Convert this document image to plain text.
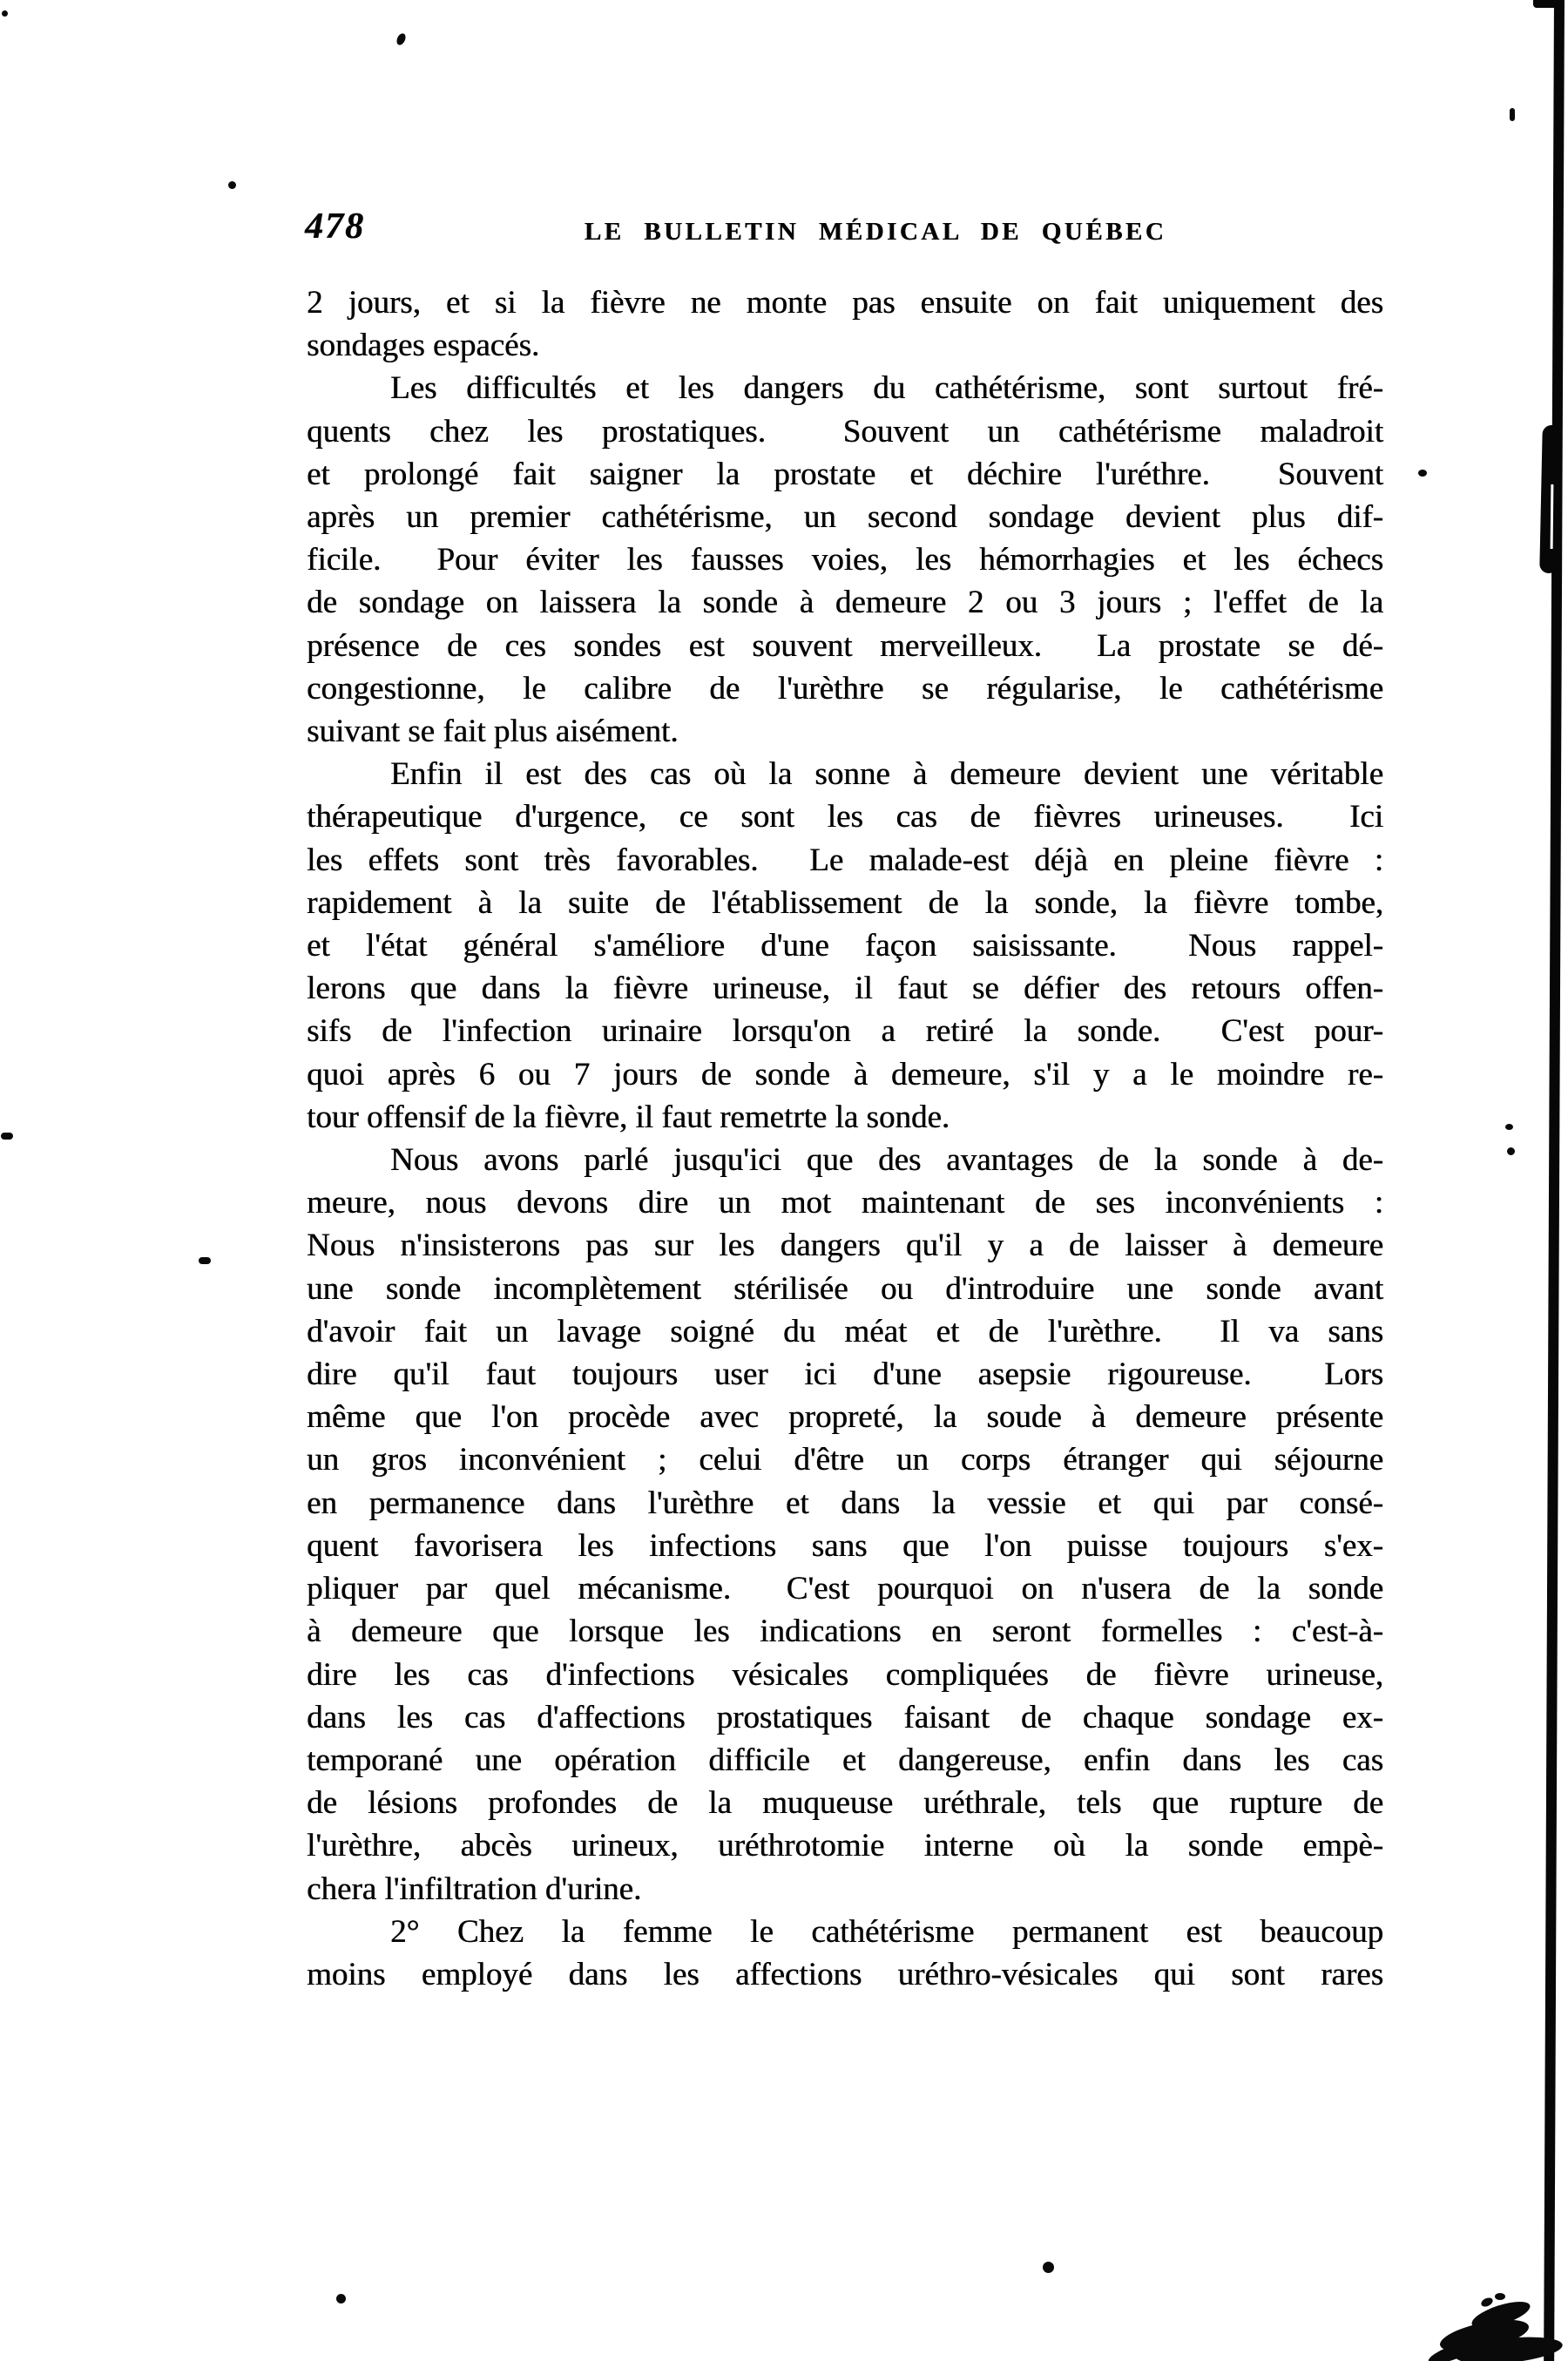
478	LE BULLETIN MÉDICAL DE QUÉBEC
2 jours, et si la fièvre ne monte pas ensuite on fait uniquement des
sondages espacés.
Les difficultés et les dangers du cathétérisme, sont surtout fré-
quents chez les prostatiques.  Souvent un cathétérisme maladroit
et prolongé fait saigner la prostate et déchire l'uréthre.  Souvent
après un premier cathétérisme, un second sondage devient plus dif-
ficile.  Pour éviter les fausses voies, les hémorrhagies et les échecs
de sondage on laissera la sonde à demeure 2 ou 3 jours ; l'effet de la
présence de ces sondes est souvent merveilleux.  La prostate se dé-
congestionne, le calibre de l'urèthre se régularise, le cathétérisme
suivant se fait plus aisément.
Enfin il est des cas où la sonne à demeure devient une véritable
thérapeutique d'urgence, ce sont les cas de fièvres urineuses.  Ici
les effets sont très favorables.  Le malade-est déjà en pleine fièvre :
rapidement à la suite de l'établissement de la sonde, la fièvre tombe,
et l'état général s'améliore d'une façon saisissante.  Nous rappel-
lerons que dans la fièvre urineuse, il faut se défier des retours offen-
sifs de l'infection urinaire lorsqu'on a retiré la sonde.  C'est pour-
quoi après 6 ou 7 jours de sonde à demeure, s'il y a le moindre re-
tour offensif de la fièvre, il faut remetrte la sonde.
Nous avons parlé jusqu'ici que des avantages de la sonde à de-
meure, nous devons dire un mot maintenant de ses inconvénients :
Nous n'insisterons pas sur les dangers qu'il y a de laisser à demeure
une sonde incomplètement stérilisée ou d'introduire une sonde avant
d'avoir fait un lavage soigné du méat et de l'urèthre.  Il va sans
dire qu'il faut toujours user ici d'une asepsie rigoureuse.  Lors
même que l'on procède avec propreté, la soude à demeure présente
un gros inconvénient ; celui d'être un corps étranger qui séjourne
en permanence dans l'urèthre et dans la vessie et qui par consé-
quent favorisera les infections sans que l'on puisse toujours s'ex-
pliquer par quel mécanisme.  C'est pourquoi on n'usera de la sonde
à demeure que lorsque les indications en seront formelles : c'est-à-
dire les cas d'infections vésicales compliquées de fièvre urineuse,
dans les cas d'affections prostatiques faisant de chaque sondage ex-
temporané une opération difficile et dangereuse, enfin dans les cas
de lésions profondes de la muqueuse uréthrale, tels que rupture de
l'urèthre, abcès urineux, uréthrotomie interne où la sonde empè-
chera l'infiltration d'urine.
2° Chez la femme le cathétérisme permanent est beaucoup
moins employé dans les affections uréthro-vésicales qui sont rares
